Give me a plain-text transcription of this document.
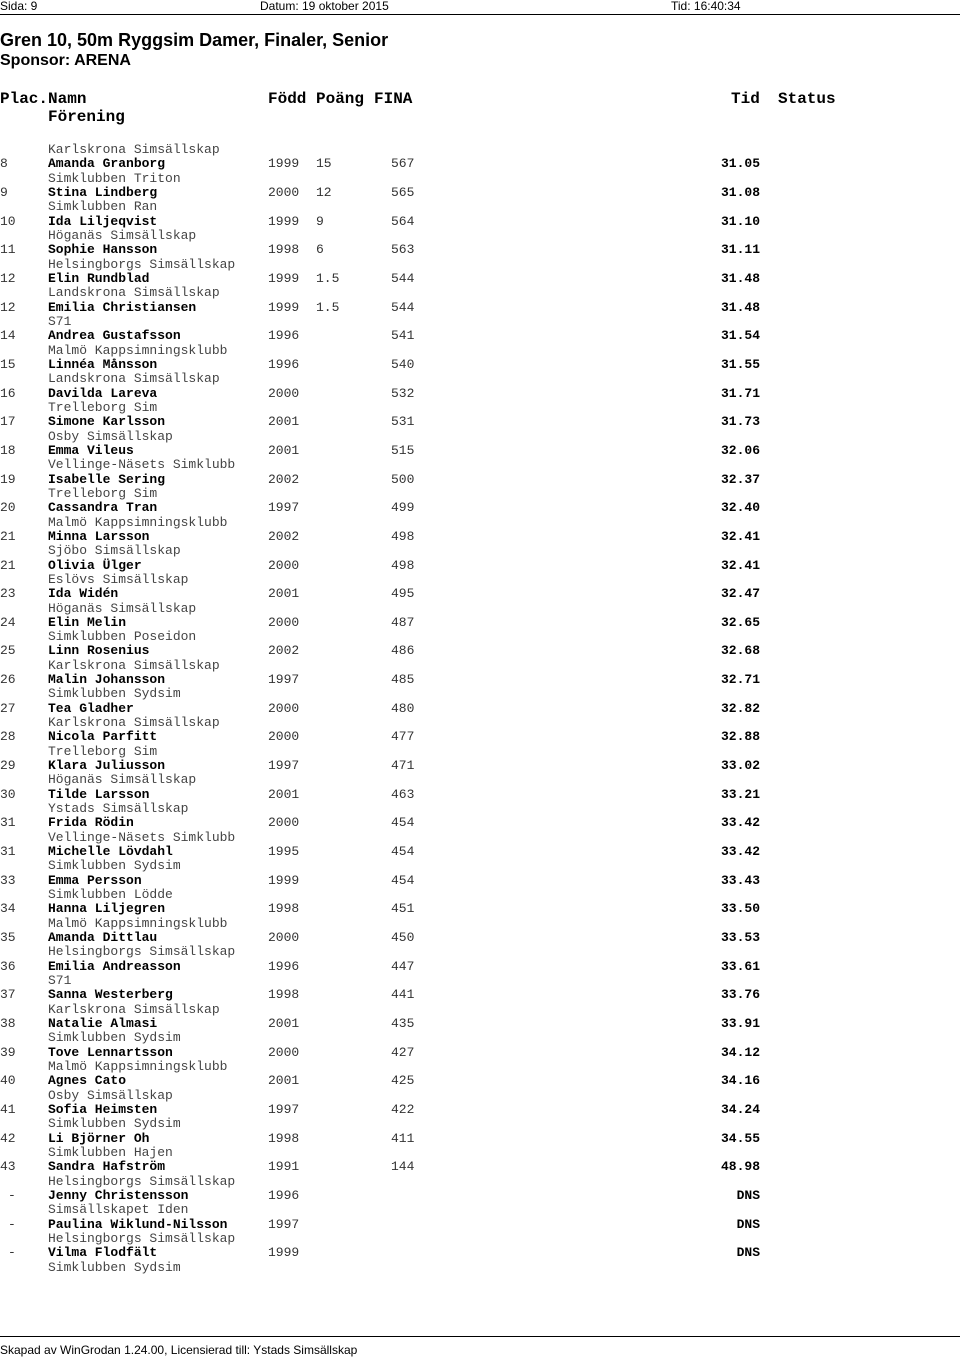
Sida: 9	Datum: 19 oktober 2015	Tid: 16:40:34
Gren 10, 50m Ryggsim Damer, Finaler, Senior
Sponsor: ARENA
Plac.Namn	Född Poäng FINA	Tid Status
Förening
Karlskrona Simsällskap
8	Amanda Granborg	1999 15	567	31.05
Simklubben Triton
9	Stina Lindberg	2000 12	565	31.08
Simklubben Ran
10 Ida Liljeqvist	1999 9	564	31.10
Höganäs Simsällskap
11 Sophie Hansson	1998 6	563	31.11
Helsingborgs Simsällskap
12 Elin Rundblad	1999 1.5	544	31.48
Landskrona Simsällskap
12 Emilia Christiansen	1999 1.5	544	31.48
S71
14 Andrea Gustafsson	1996	541	31.54
Malmö Kappsimningsklubb
15 Linnéa Månsson	1996	540	31.55
Landskrona Simsällskap
16 Davilda Lareva	2000	532	31.71
Trelleborg Sim
17 Simone Karlsson	2001	531	31.73
Osby Simsällskap
18 Emma Vileus	2001	515	32.06
Vellinge-Näsets Simklubb
19 Isabelle Sering	2002	500	32.37
Trelleborg Sim
20 Cassandra Tran	1997	499	32.40
Malmö Kappsimningsklubb
21 Minna Larsson	2002	498	32.41
Sjöbo Simsällskap
21 Olivia Ülger	2000	498	32.41
Eslövs Simsällskap
23 Ida Widén	2001	495	32.47
Höganäs Simsällskap
24 Elin Melin	2000	487	32.65
Simklubben Poseidon
25 Linn Rosenius	2002	486	32.68
Karlskrona Simsällskap
26 Malin Johansson	1997	485	32.71
Simklubben Sydsim
27 Tea Gladher	2000	480	32.82
Karlskrona Simsällskap
28 Nicola Parfitt	2000	477	32.88
Trelleborg Sim
29 Klara Juliusson	1997	471	33.02
Höganäs Simsällskap
30 Tilde Larsson	2001	463	33.21
Ystads Simsällskap
31 Frida Rödin	2000	454	33.42
Vellinge-Näsets Simklubb
31 Michelle Lövdahl	1995	454	33.42
Simklubben Sydsim
33 Emma Persson	1999	454	33.43
Simklubben Lödde
34 Hanna Liljegren	1998	451	33.50
Malmö Kappsimningsklubb
35 Amanda Dittlau	2000	450	33.53
Helsingborgs Simsällskap
36 Emilia Andreasson	1996	447	33.61
S71
37 Sanna Westerberg	1998	441	33.76
Karlskrona Simsällskap
38 Natalie Almasi	2001	435	33.91
Simklubben Sydsim
39 Tove Lennartsson	2000	427	34.12
Malmö Kappsimningsklubb
40 Agnes Cato	2001	425	34.16
Osby Simsällskap
41 Sofia Heimsten	1997	422	34.24
Simklubben Sydsim
42 Li Björner Oh	1998	411	34.55
Simklubben Hajen
43 Sandra Hafström	1991	144	48.98
Helsingborgs Simsällskap
- Jenny Christensson	1996	DNS
Simsällskapet Iden
- Paulina Wiklund-Nilsson	1997	DNS
Helsingborgs Simsällskap
- Vilma Flodfält	1999	DNS
Simklubben Sydsim
Skapad av WinGrodan 1.24.00, Licensierad till: Ystads Simsällskap
